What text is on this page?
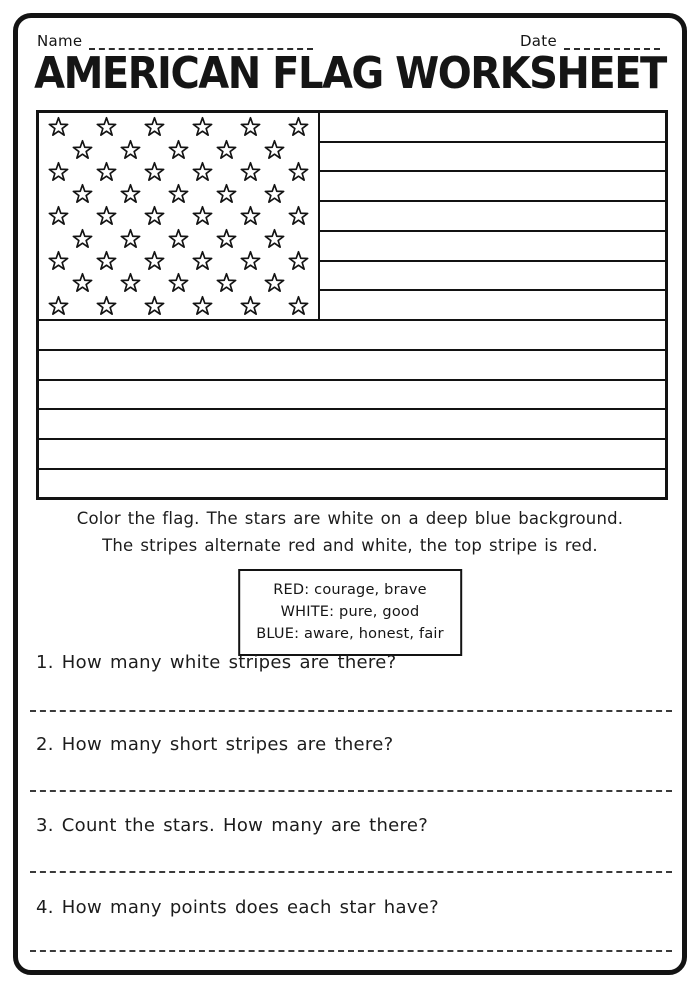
Name	Date
AMERICAN FLAG WORKSHEET
Color the flag. The stars are white on a deep blue background.
The stripes alternate red and white, the top stripe is red.
RED: courage, brave
WHITE: pure, good
BLUE: aware, honest, fair
1. How many white stripes are there?
2. How many short stripes are there?
3. Count the stars. How many are there?
4. How many points does each star have?
